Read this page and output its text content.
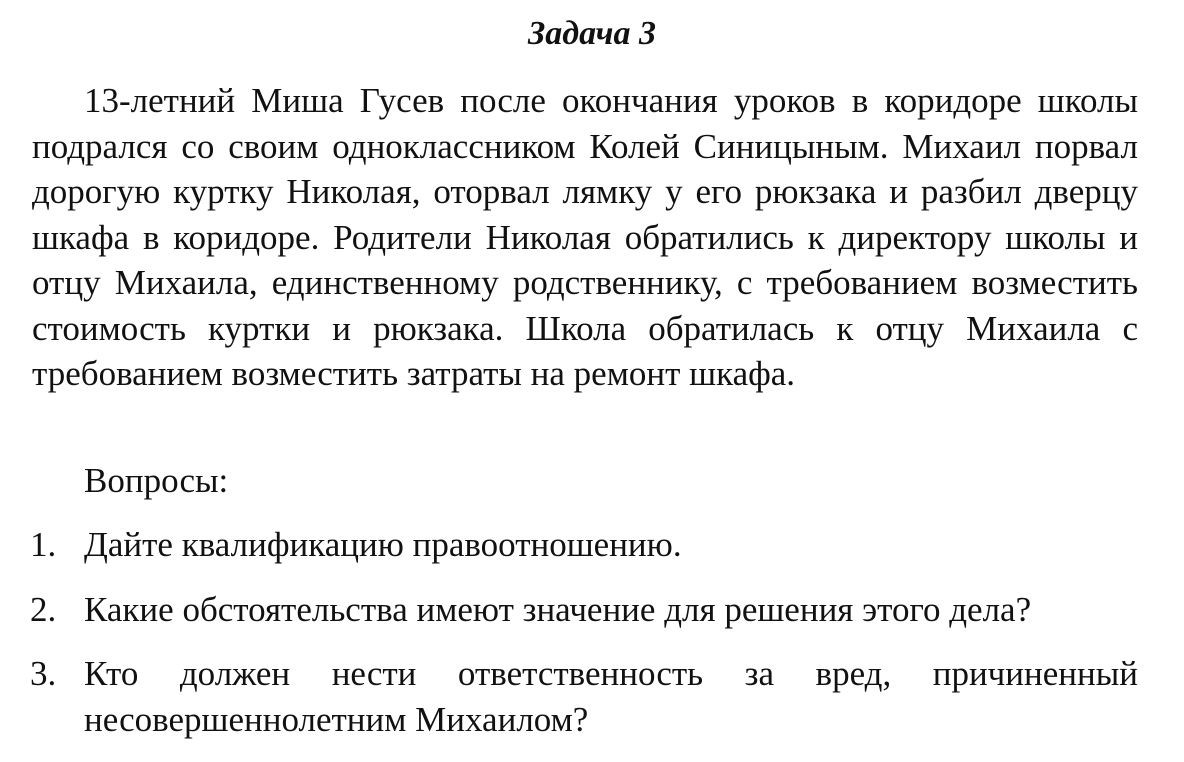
Задача 3

13-летний Миша Гусев после окончания уроков в коридоре школы подрался со своим одноклассником Колей Синицыным. Михаил порвал дорогую куртку Николая, оторвал лямку у его рюкзака и разбил дверцу шкафа в коридоре. Родители Николая обратились к директору школы и отцу Михаила, единственному родственнику, с требованием возместить стоимость куртки и рюкзака. Школа обратилась к отцу Михаила с требованием возместить затраты на ремонт шкафа.

Вопросы:

1. Дайте квалификацию правоотношению.
2. Какие обстоятельства имеют значение для решения этого дела?
3. Кто должен нести ответственность за вред, причиненный несовершеннолетним Михаилом?
